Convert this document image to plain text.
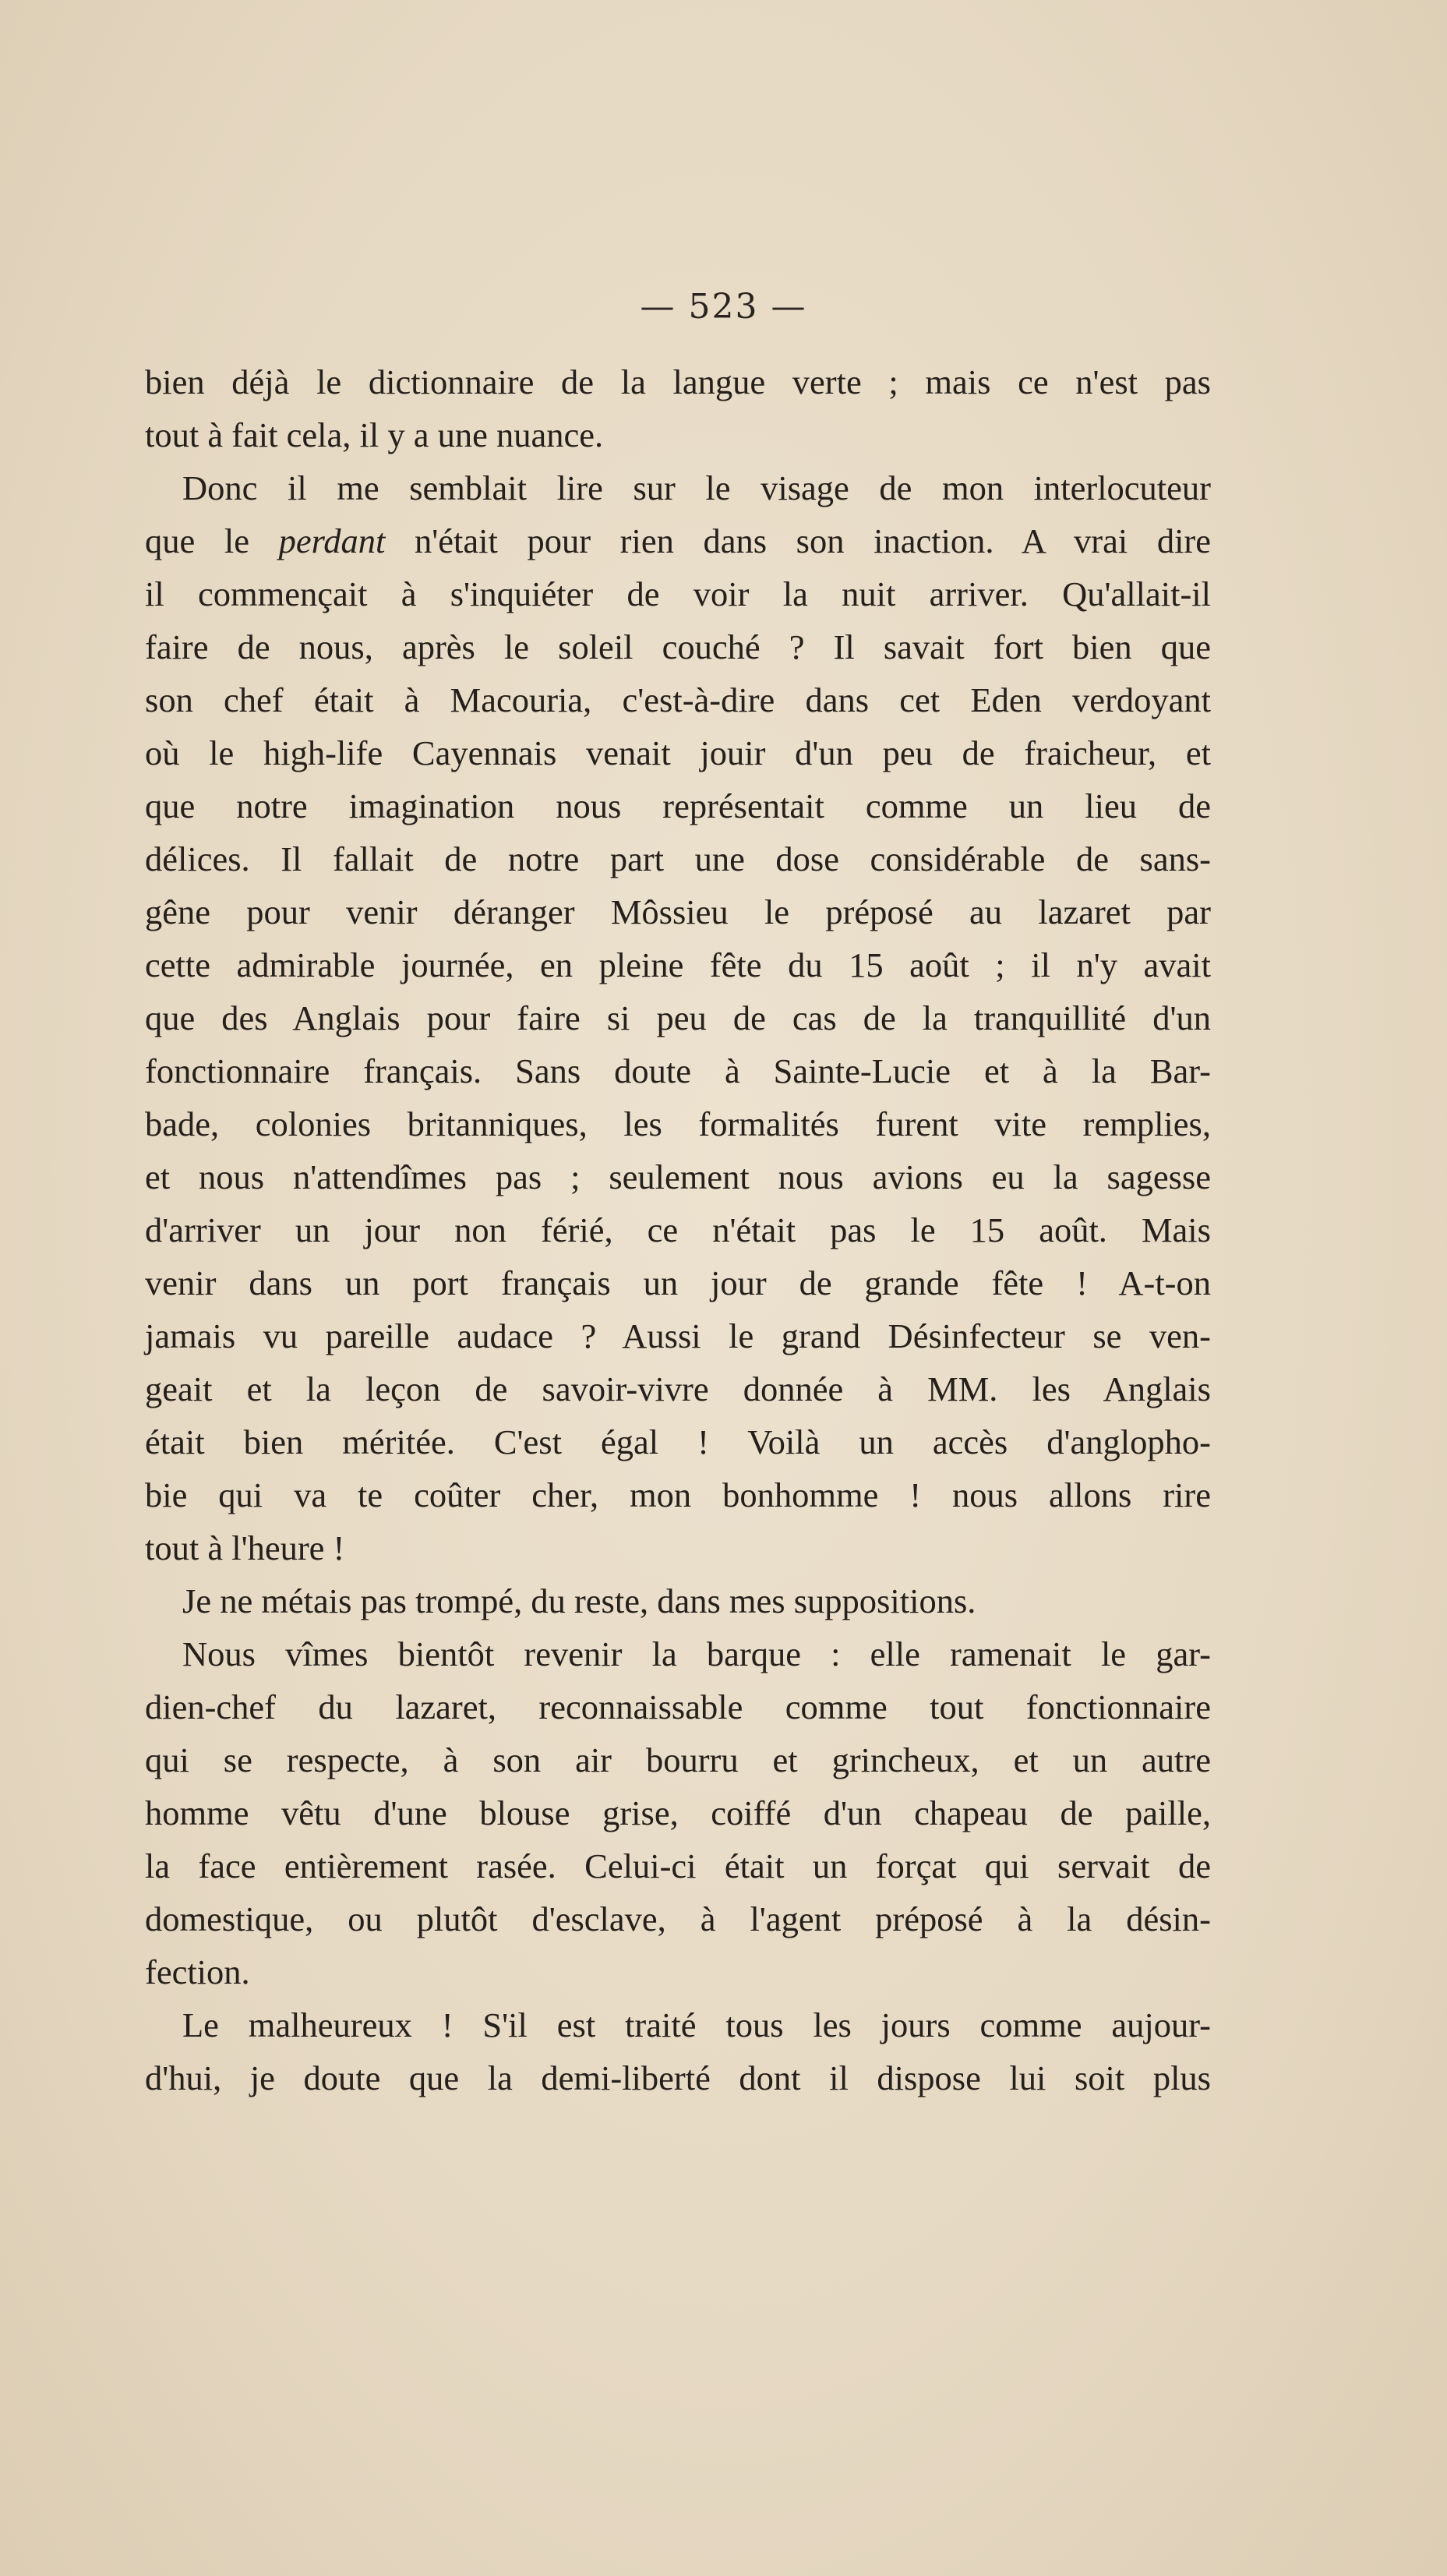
— 523 —
bien déjà le dictionnaire de la langue verte ; mais ce n'est pas
tout à fait cela, il y a une nuance.
Donc il me semblait lire sur le visage de mon interlocuteur
que le perdant n'était pour rien dans son inaction. A vrai dire
il commençait à s'inquiéter de voir la nuit arriver. Qu'allait-il
faire de nous, après le soleil couché ? Il savait fort bien que
son chef était à Macouria, c'est-à-dire dans cet Eden verdoyant
où le high-life Cayennais venait jouir d'un peu de fraicheur, et
que notre imagination nous représentait comme un lieu de
délices. Il fallait de notre part une dose considérable de sans-
gêne pour venir déranger Môssieu le préposé au lazaret par
cette admirable journée, en pleine fête du 15 août ; il n'y avait
que des Anglais pour faire si peu de cas de la tranquillité d'un
fonctionnaire français. Sans doute à Sainte-Lucie et à la Bar-
bade, colonies britanniques, les formalités furent vite remplies,
et nous n'attendîmes pas ; seulement nous avions eu la sagesse
d'arriver un jour non férié, ce n'était pas le 15 août. Mais
venir dans un port français un jour de grande fête ! A-t-on
jamais vu pareille audace ? Aussi le grand Désinfecteur se ven-
geait et la leçon de savoir-vivre donnée à MM. les Anglais
était bien méritée. C'est égal ! Voilà un accès d'anglopho-
bie qui va te coûter cher, mon bonhomme ! nous allons rire
tout à l'heure !
Je ne métais pas trompé, du reste, dans mes suppositions.
Nous vîmes bientôt revenir la barque : elle ramenait le gar-
dien-chef du lazaret, reconnaissable comme tout fonctionnaire
qui se respecte, à son air bourru et grincheux, et un autre
homme vêtu d'une blouse grise, coiffé d'un chapeau de paille,
la face entièrement rasée. Celui-ci était un forçat qui servait de
domestique, ou plutôt d'esclave, à l'agent préposé à la désin-
fection.
Le malheureux ! S'il est traité tous les jours comme aujour-
d'hui, je doute que la demi-liberté dont il dispose lui soit plus
